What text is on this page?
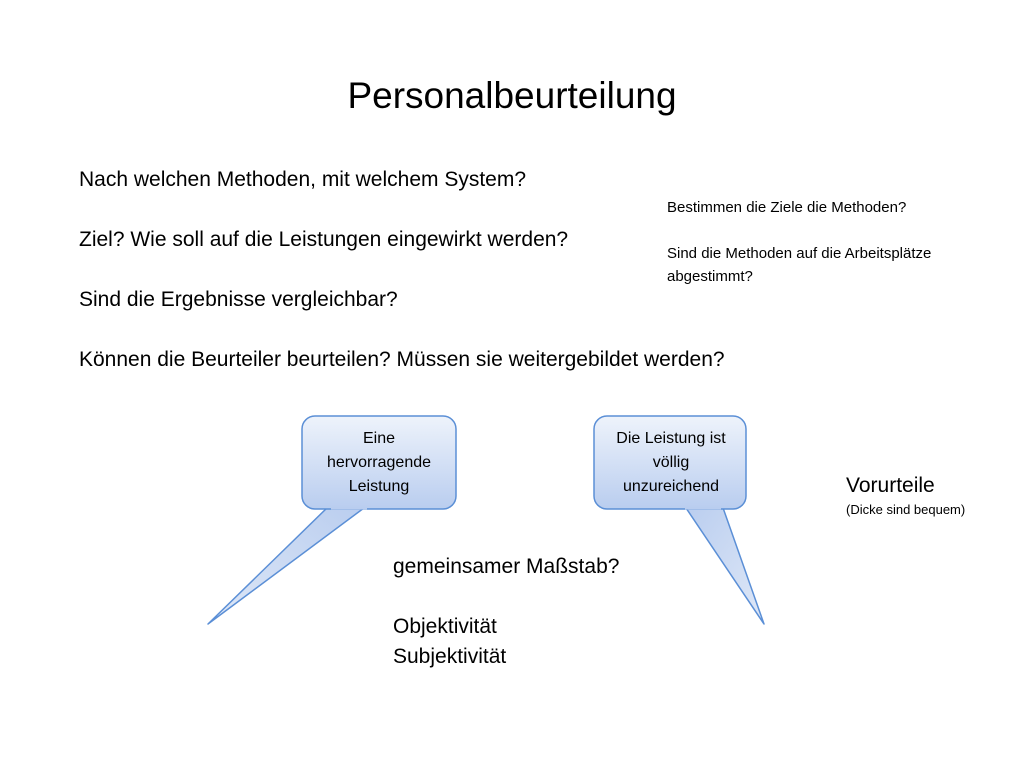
Personalbeurteilung
Nach welchen Methoden, mit welchem System?
Ziel? Wie soll auf die Leistungen eingewirkt werden?
Sind die Ergebnisse vergleichbar?
Können die Beurteiler beurteilen? Müssen sie weitergebildet werden?
Bestimmen die Ziele die Methoden?
Sind die Methoden auf die Arbeitsplätze
abgestimmt?
Eine
hervorragende
Leistung
Die Leistung ist
völlig
unzureichend	Vorurteile
(Dicke sind bequem)
gemeinsamer Maßstab?
Objektivität
Subjektivität
